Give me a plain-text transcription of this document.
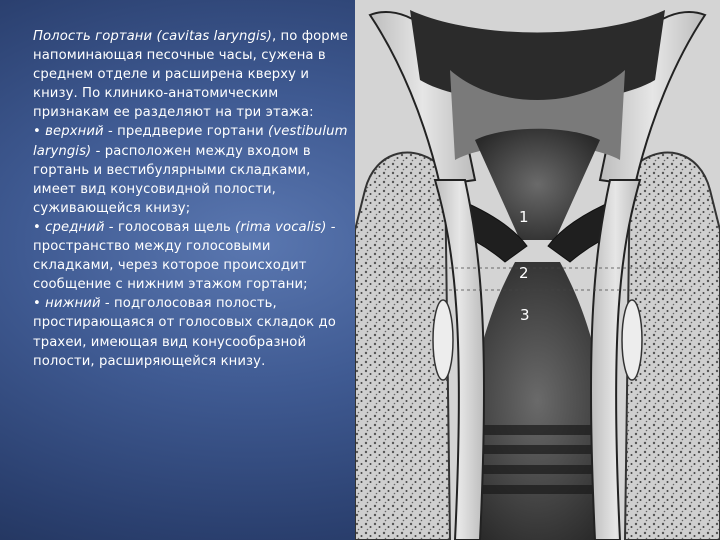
Полость гортани (cavitas laryngis), по форме напоминающая песочные часы, сужена в среднем отделе и расширена кверху и книзу. По клинико-анатомическим признакам ее разделяют на три этажа:

• верхний - преддверие гортани (vestibulum laryngis) - расположен между входом в гортань и вестибулярными складками, имеет вид конусовидной полости, суживающейся книзу;

• средний - голосовая щель (rima vocalis) - пространство между голосовыми складками, через которое происходит сообщение с нижним этажом гортани;

• нижний - подголосовая полость, простирающаяся от голосовых складок до трахеи, имеющая вид конусообразной полости, расширяющейся книзу.

1
2
3
